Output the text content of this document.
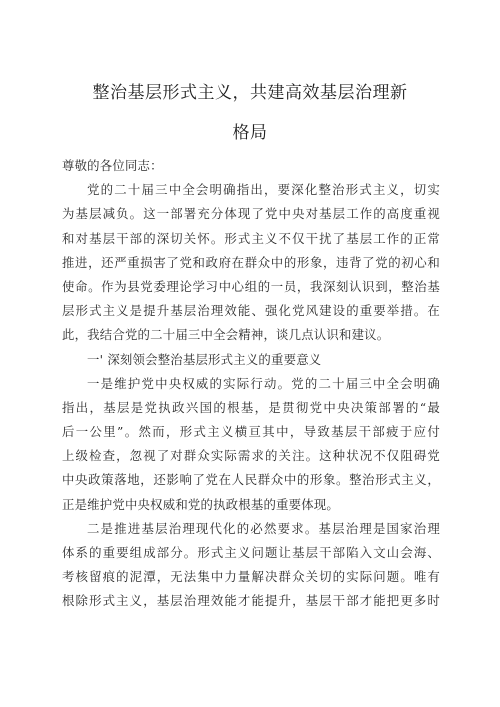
整治基层形式主义，共建高效基层治理新
格局
尊敬的各位同志：
党的二十届三中全会明确指出，要深化整治形式主义，切实
为基层减负。这一部署充分体现了党中央对基层工作的高度重视
和对基层干部的深切关怀。形式主义不仅干扰了基层工作的正常
推进，还严重损害了党和政府在群众中的形象，违背了党的初心和
使命。作为县党委理论学习中心组的一员，我深刻认识到，整治基
层形式主义是提升基层治理效能、强化党风建设的重要举措。在
此，我结合党的二十届三中全会精神，谈几点认识和建议。
一' 深刻领会整治基层形式主义的重要意义
一是维护党中央权威的实际行动。党的二十届三中全会明确
指出，基层是党执政兴国的根基，是贯彻党中央决策部署的“最
后一公里”。然而，形式主义横亘其中，导致基层干部疲于应付
上级检查，忽视了对群众实际需求的关注。这种状况不仅阻碍党
中央政策落地，还影响了党在人民群众中的形象。整治形式主义，
正是维护党中央权威和党的执政根基的重要体现。
二是推进基层治理现代化的必然要求。基层治理是国家治理
体系的重要组成部分。形式主义问题让基层干部陷入文山会海、
考核留痕的泥潭，无法集中力量解决群众关切的实际问题。唯有
根除形式主义，基层治理效能才能提升，基层干部才能把更多时
